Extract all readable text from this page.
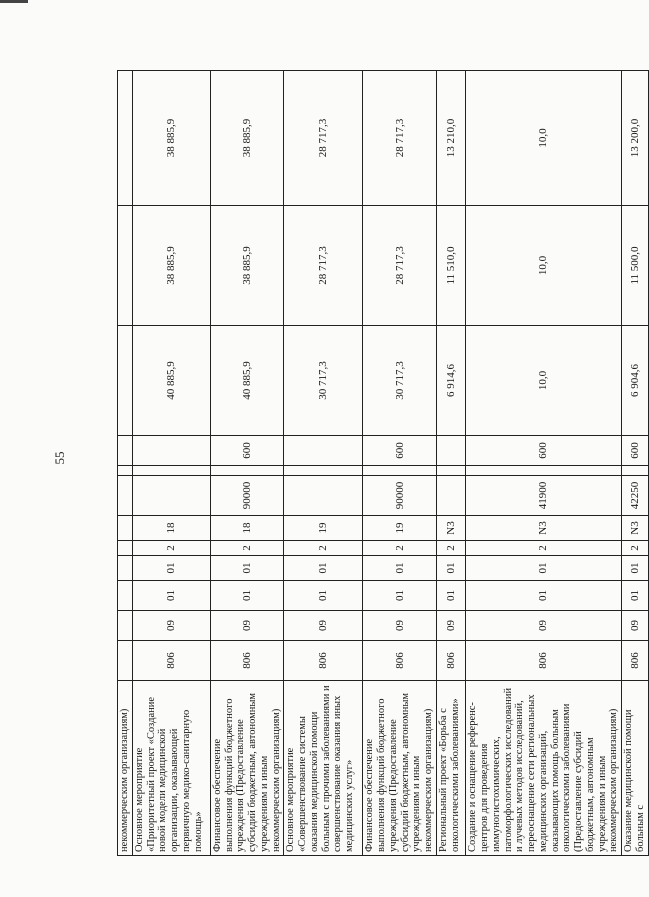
55
некоммерческим организациям)												
Основное мероприятие «Приоритетный проект «Создание новой модели медицинской организации, оказывающей первичную медико-санитарную помощь»	806	09	01	01	2	18				40 885,9	38 885,9	38 885,9
Финансовое обеспечение выполнения функций бюджетного учреждения (Предоставление субсидий бюджетным, автономным учреждениям и иным некоммерческим организациям)	806	09	01	01	2	18	90000		600	40 885,9	38 885,9	38 885,9
Основное мероприятие «Совершенствование системы оказания медицинской помощи больным с прочими заболеваниями и совершенствование оказания иных медицинских услуг»	806	09	01	01	2	19				30 717,3	28 717,3	28 717,3
Финансовое обеспечение выполнения функций бюджетного учреждения (Предоставление субсидий бюджетным, автономным учреждениям и иным некоммерческим организациям)	806	09	01	01	2	19	90000		600	30 717,3	28 717,3	28 717,3
Региональный проект «Борьба с онкологическими заболеваниями»	806	09	01	01	2	N3				6 914,6	11 510,0	13 210,0
Создание и оснащение референс-центров для проведения иммуногистохимических, патоморфологических исследований и лучевых методов исследований, переоснащение сети региональных медицинских организаций, оказывающих помощь больным онкологическими заболеваниями (Предоставление субсидий бюджетным, автономным учреждениям и иным некоммерческим организациям)	806	09	01	01	2	N3	41900		600	10,0	10,0	10,0
Оказание медицинской помощи больным с	806	09	01	01	2	N3	42250		600	6 904,6	11 500,0	13 200,0
